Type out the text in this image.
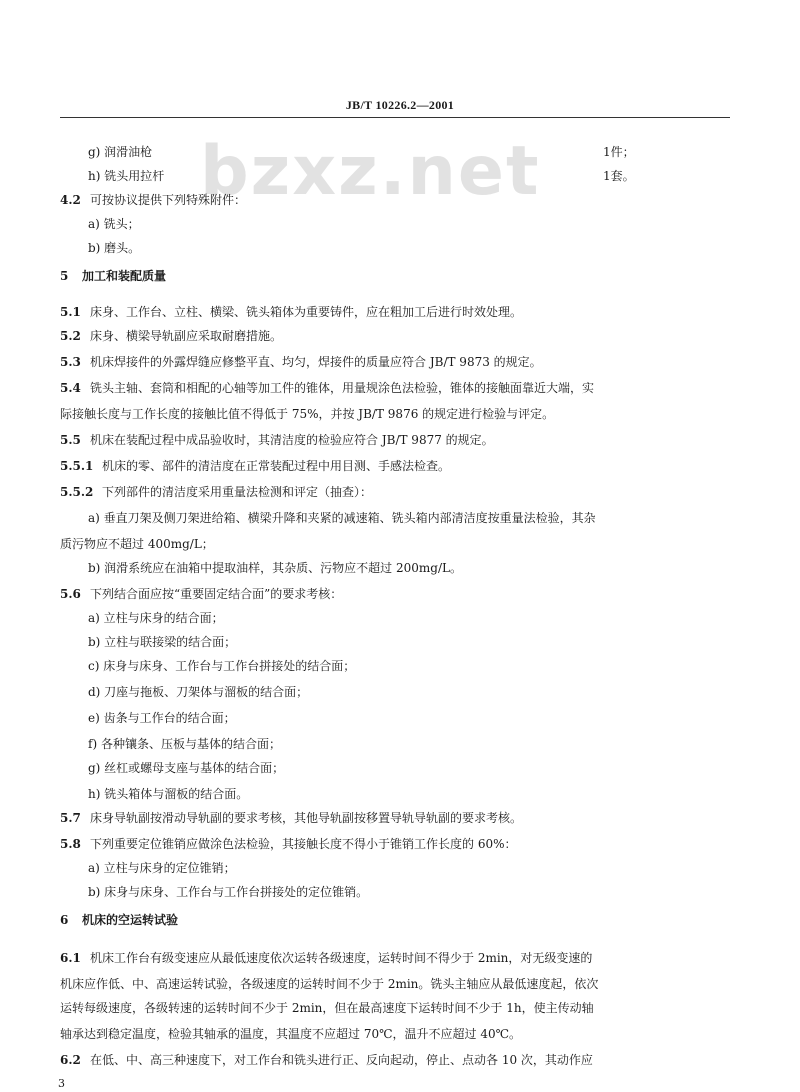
JB/T 10226.2—2001
bzxz.net
g) 润滑油枪	1件；
h) 铣头用拉杆	1套。
4.2 可按协议提供下列特殊附件：
a) 铣头；
b) 磨头。
5 加工和装配质量
5.1 床身、工作台、立柱、横梁、铣头箱体为重要铸件，应在粗加工后进行时效处理。
5.2 床身、横梁导轨副应采取耐磨措施。
5.3 机床焊接件的外露焊缝应修整平直、均匀，焊接件的质量应符合 JB/T 9873 的规定。
5.4 铣头主轴、套筒和相配的心轴等加工件的锥体，用量规涂色法检验，锥体的接触面靠近大端，实
际接触长度与工作长度的接触比值不得低于 75%，并按 JB/T 9876 的规定进行检验与评定。
5.5 机床在装配过程中成品验收时，其清洁度的检验应符合 JB/T 9877 的规定。
5.5.1 机床的零、部件的清洁度在正常装配过程中用目测、手感法检查。
5.5.2 下列部件的清洁度采用重量法检测和评定（抽查）：
a) 垂直刀架及侧刀架进给箱、横梁升降和夹紧的减速箱、铣头箱内部清洁度按重量法检验，其杂
质污物应不超过 400mg/L；
b) 润滑系统应在油箱中提取油样，其杂质、污物应不超过 200mg/L。
5.6 下列结合面应按“重要固定结合面”的要求考核：
a) 立柱与床身的结合面；
b) 立柱与联接梁的结合面；
c) 床身与床身、工作台与工作台拼接处的结合面；
d) 刀座与拖板、刀架体与溜板的结合面；
e) 齿条与工作台的结合面；
f) 各种镶条、压板与基体的结合面；
g) 丝杠或螺母支座与基体的结合面；
h) 铣头箱体与溜板的结合面。
5.7 床身导轨副按滑动导轨副的要求考核，其他导轨副按移置导轨导轨副的要求考核。
5.8 下列重要定位锥销应做涂色法检验，其接触长度不得小于锥销工作长度的 60%：
a) 立柱与床身的定位锥销；
b) 床身与床身、工作台与工作台拼接处的定位锥销。
6 机床的空运转试验
6.1 机床工作台有级变速应从最低速度依次运转各级速度，运转时间不得少于 2min，对无级变速的
机床应作低、中、高速运转试验，各级速度的运转时间不少于 2min。铣头主轴应从最低速度起，依次
运转每级速度，各级转速的运转时间不少于 2min，但在最高速度下运转时间不少于 1h，使主传动轴
轴承达到稳定温度，检验其轴承的温度，其温度不应超过 70℃，温升不应超过 40℃。
6.2 在低、中、高三种速度下，对工作台和铣头进行正、反向起动，停止、点动各 10 次，其动作应
3
